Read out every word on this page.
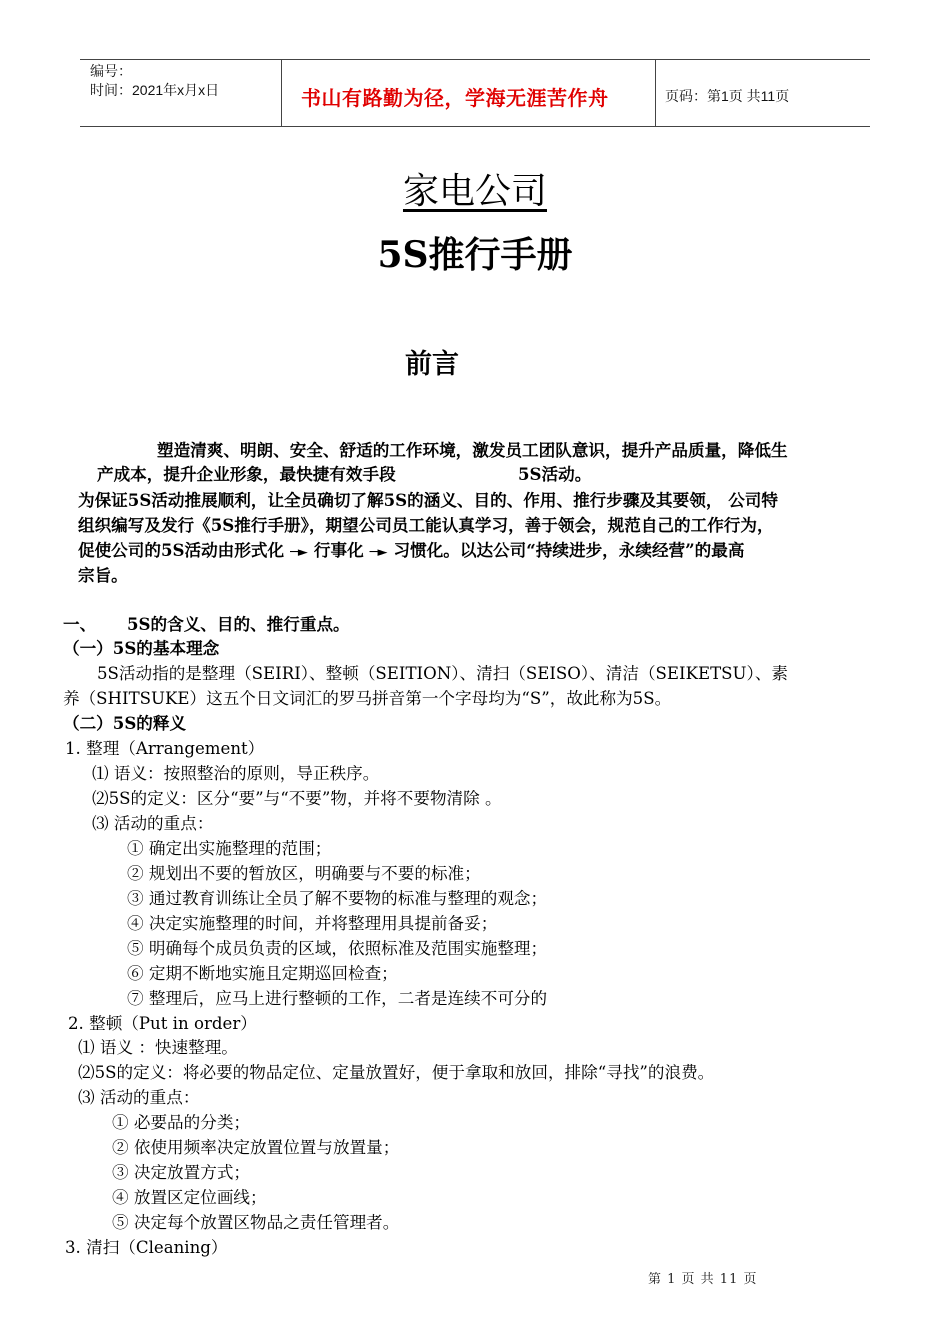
编号：
时间：2021年x月x日	书山有路勤为径，学海无涯苦作舟	页码：第1页 共11页
家电公司
5S推行手册
前言
塑造清爽、明朗、安全、舒适的工作环境，激发员工团队意识，提升产品质量，降低生
产成本，提升企业形象，最快捷有效手段	5S活动。
为保证5S活动推展顺利，让全员确切了解5S的涵义、目的、作用、推行步骤及其要领， 公司特
组织编写及发行《5S推行手册》，期望公司员工能认真学习，善于领会，规范自己的工作行为，
促使公司的5S活动由形式化 ─► 行事化 ─► 习惯化。以达公司“持续进步，永续经营”的最高
宗旨。
一、 5S的含义、目的、推行重点。
（一）5S的基本理念
5S活动指的是整理（SEIRI）、整顿（SEITION）、清扫（SEISO）、清洁（SEIKETSU）、素
养（SHITSUKE）这五个日文词汇的罗马拼音第一个字母均为“S”，故此称为5S。
（二）5S的释义
1. 整理（Arrangement）
⑴ 语义：按照整治的原则，导正秩序。
⑵5S的定义：区分“要”与“不要”物，并将不要物清除 。
⑶ 活动的重点：
① 确定出实施整理的范围；
② 规划出不要的暂放区，明确要与不要的标准；
③ 通过教育训练让全员了解不要物的标准与整理的观念；
④ 决定实施整理的时间，并将整理用具提前备妥；
⑤ 明确每个成员负责的区域，依照标准及范围实施整理；
⑥ 定期不断地实施且定期巡回检查；
⑦ 整理后，应马上进行整顿的工作，二者是连续不可分的
2. 整顿（Put in order）
⑴ 语义 ：快速整理。
⑵5S的定义：将必要的物品定位、定量放置好，便于拿取和放回，排除“寻找”的浪费。
⑶ 活动的重点：
① 必要品的分类；
② 依使用频率决定放置位置与放置量；
③ 决定放置方式；
④ 放置区定位画线；
⑤ 决定每个放置区物品之责任管理者。
3. 清扫（Cleaning）
第 1 页 共 11 页
